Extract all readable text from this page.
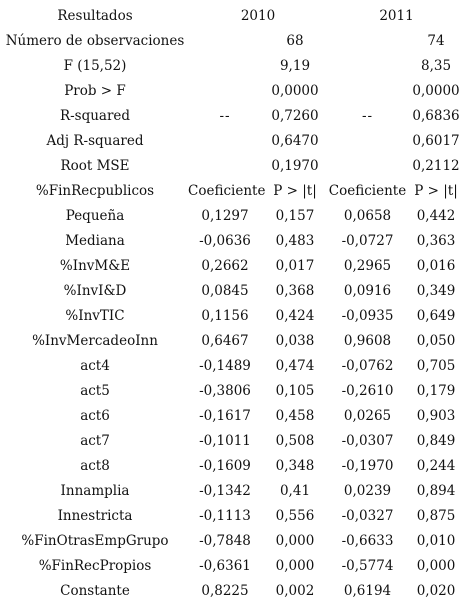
Resultados	2010		2011	
Número de observaciones		68		74
F (15,52)	--	9,19	--	8,35
Prob > F		0,0000		0,0000
R-squared		0,7260		0,6836
Adj R-squared		0,6470		0,6017
Root MSE		0,1970		0,2112
%FinRecpublicos	Coeficiente	P > |t|	Coeficiente	P > |t|
Pequeña	0,1297	0,157	0,0658	0,442
Mediana	-0,0636	0,483	-0,0727	0,363
%InvM&E	0,2662	0,017	0,2965	0,016
%InvI&D	0,0845	0,368	0,0916	0,349
%InvTIC	0,1156	0,424	-0,0935	0,649
%InvMercadeoInn	0,6467	0,038	0,9608	0,050
act4	-0,1489	0,474	-0,0762	0,705
act5	-0,3806	0,105	-0,2610	0,179
act6	-0,1617	0,458	0,0265	0,903
act7	-0,1011	0,508	-0,0307	0,849
act8	-0,1609	0,348	-0,1970	0,244
Innamplia	-0,1342	0,41	0,0239	0,894
Innestricta	-0,1113	0,556	-0,0327	0,875
%FinOtrasEmpGrupo	-0,7848	0,000	-0,6633	0,010
%FinRecPropios	-0,6361	0,000	-0,5774	0,000
Constante	0,8225	0,002	0,6194	0,020
